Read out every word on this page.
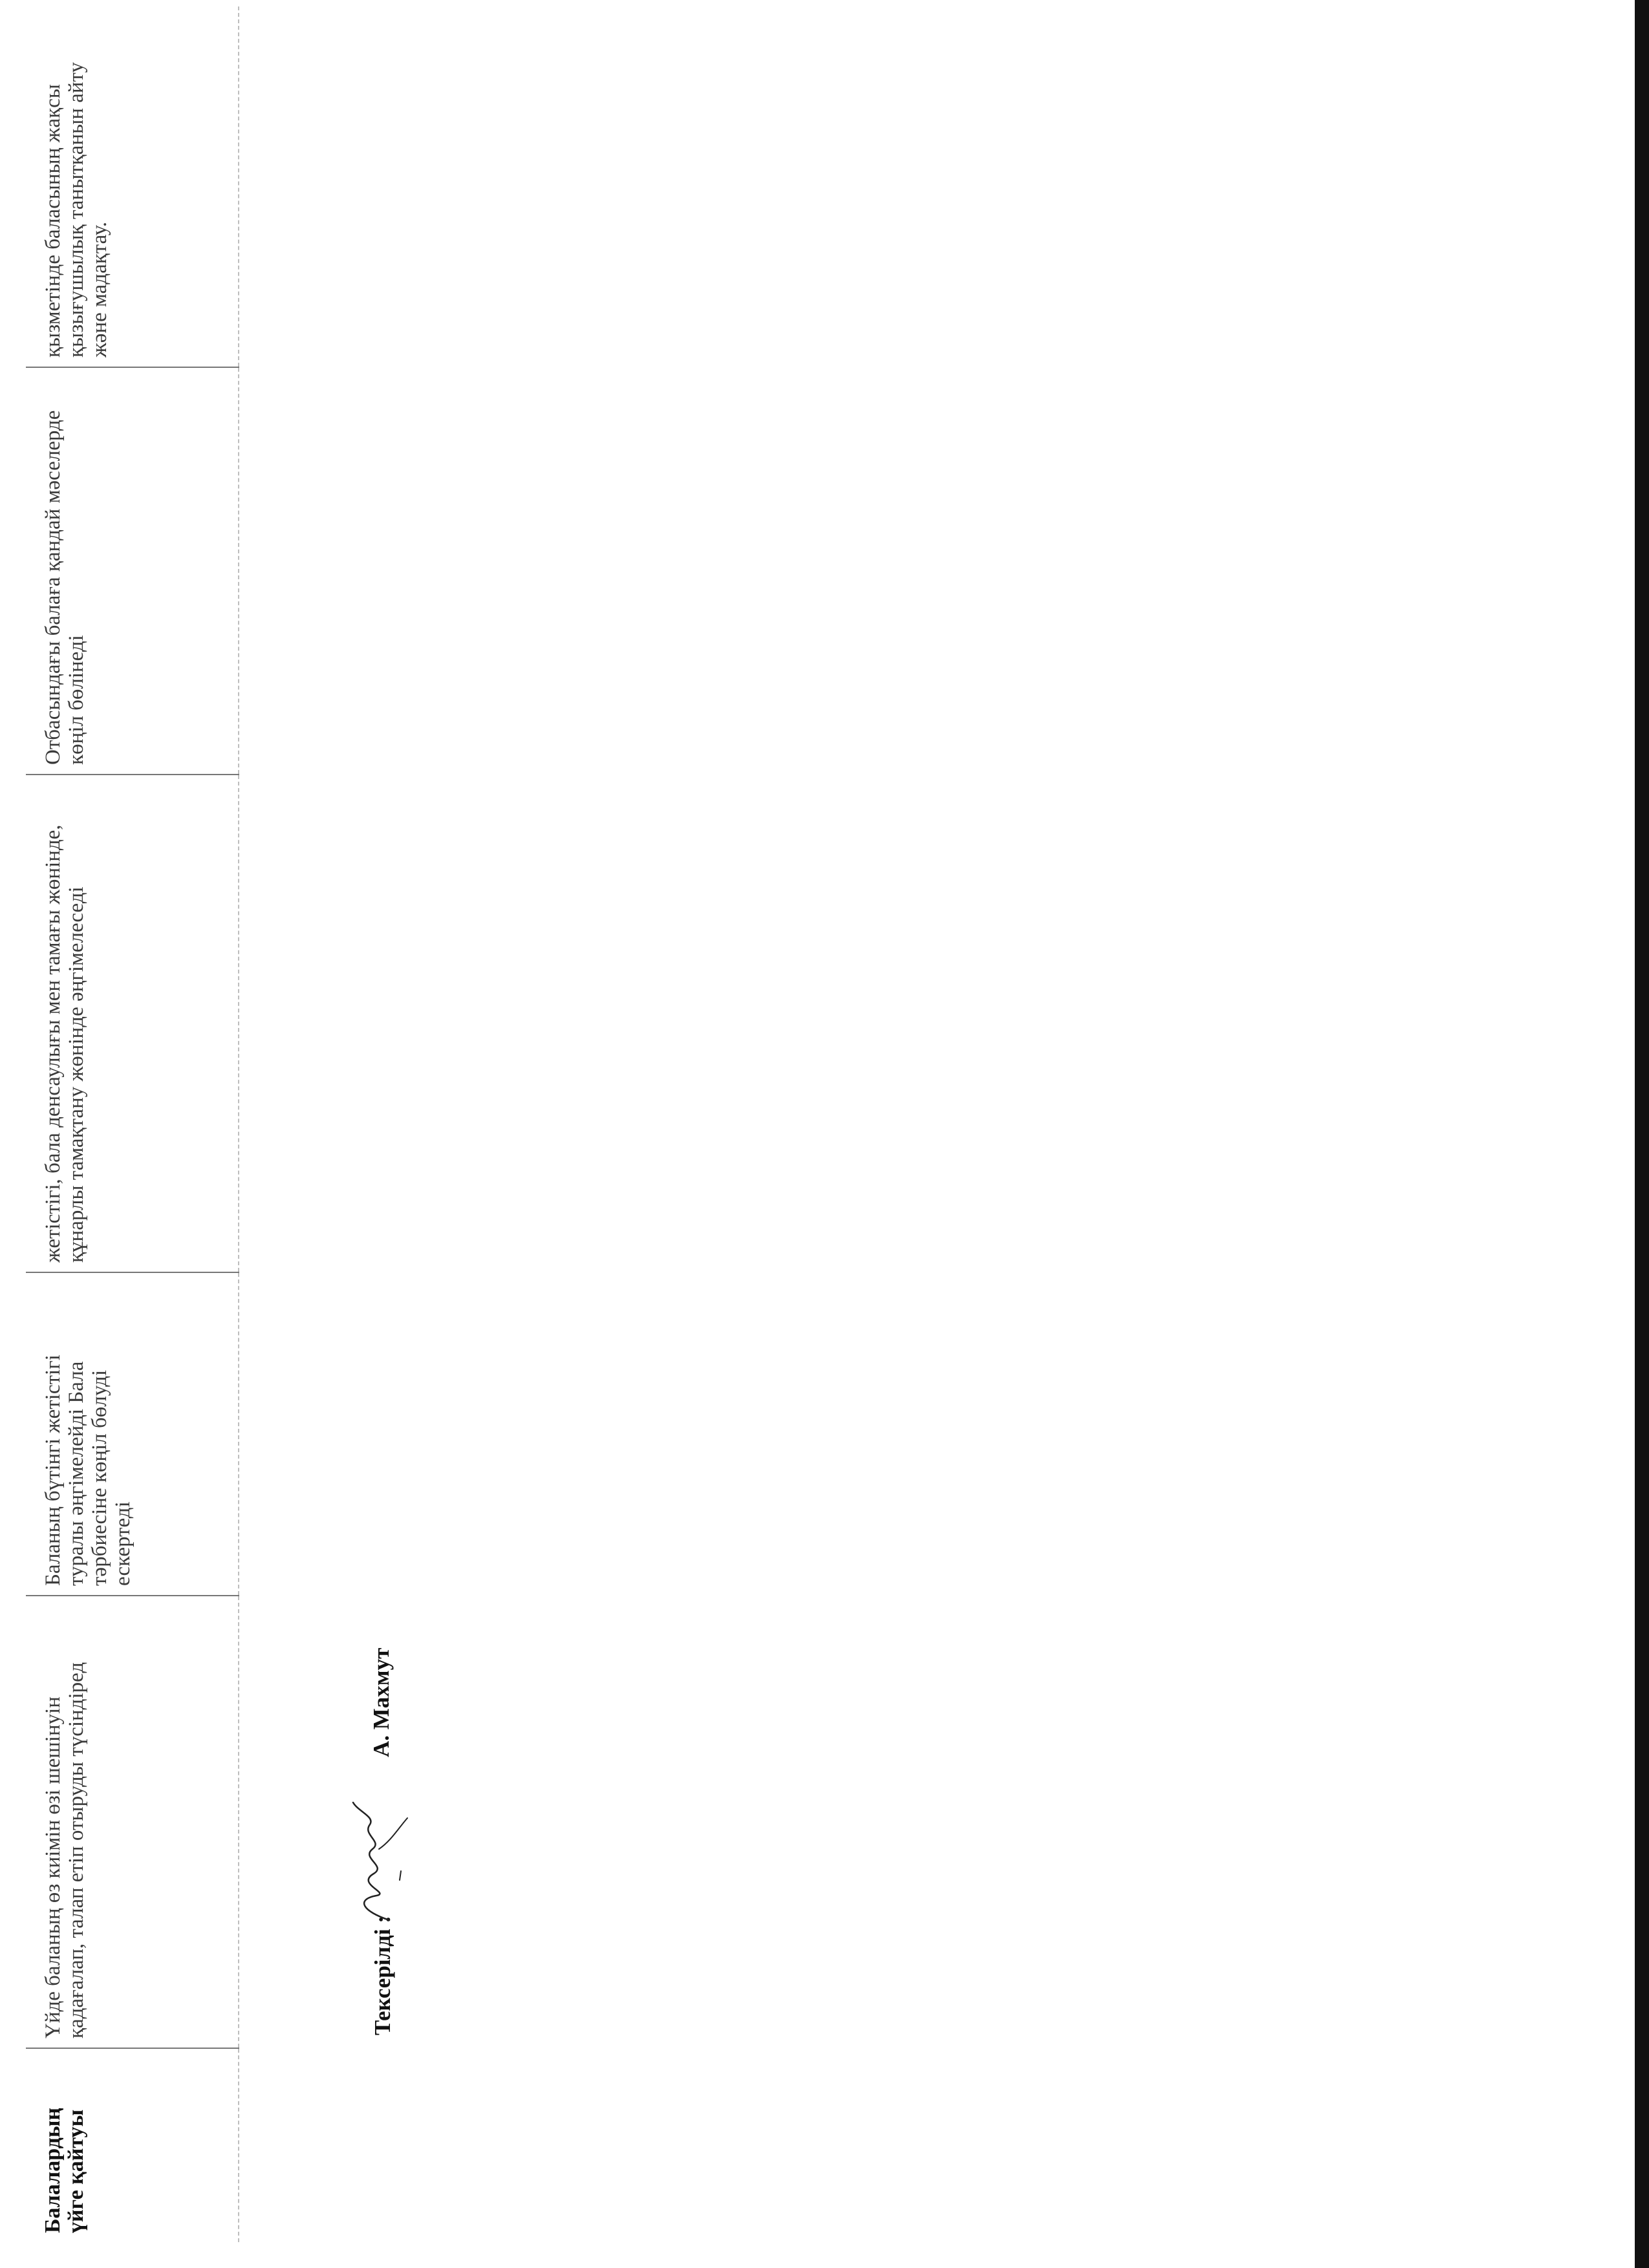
Балалардың үйге қайтуы	Үйде баланың өз киімін өзі шешінуін қадағалап, талап етіп отыруды түсіндіред	Баланың бүтінгі жетістігі туралы әңгімелейді Бала тәрбиесіне көңіл бөлуді ескертеді	жетістігі, бала денсаулығы мен тамағы жөнінде, құнарлы тамақтану жөнінде әңгімелеседі	Отбасындағы балаға қандай мәселерде көңіл бөлінеді	қызметінде баласының жақсы қызығушылық танытқанын айту және мадақтау.
Тексерілді :
А. Махмут
